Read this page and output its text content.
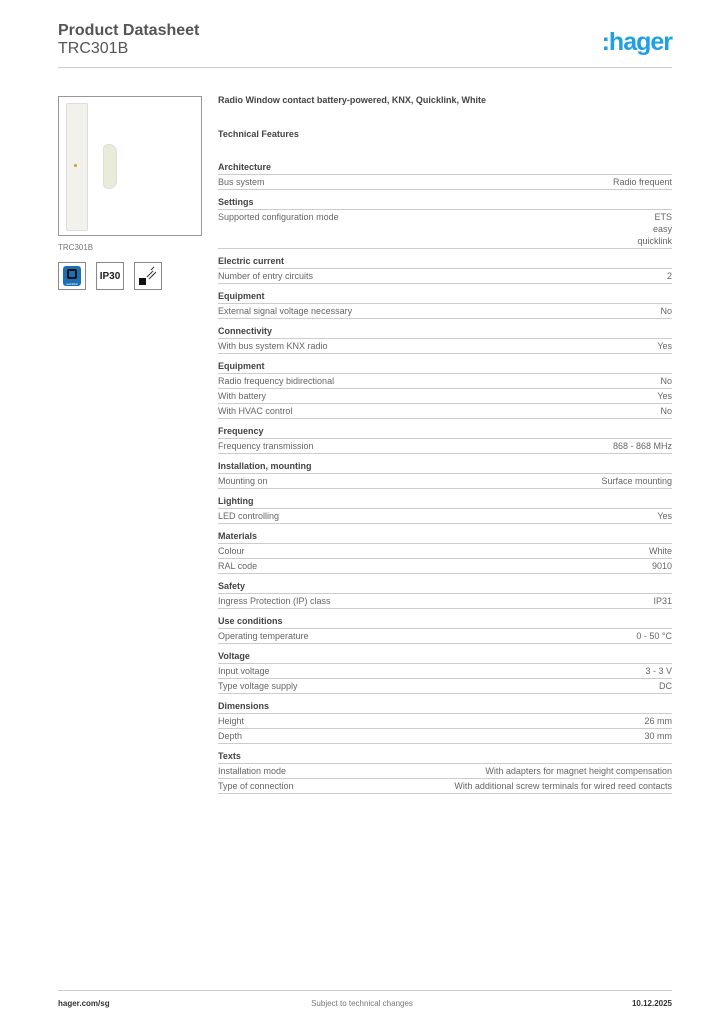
Product Datasheet
TRC301B	:hager
TRC301B
quicklink
IP30
Radio Window contact battery-powered, KNX, Quicklink, White
Technical Features
Architecture
Bus system	Radio frequent
Settings
Supported configuration mode	ETS
easy
quicklink
Electric current
Number of entry circuits	2
Equipment
External signal voltage necessary	No
Connectivity
With bus system KNX radio	Yes
Equipment
Radio frequency bidirectional	No
With battery	Yes
With HVAC control	No
Frequency
Frequency transmission	868 - 868 MHz
Installation, mounting
Mounting on	Surface mounting
Lighting
LED controlling	Yes
Materials
Colour	White
RAL code	9010
Safety
Ingress Protection (IP) class	IP31
Use conditions
Operating temperature	0 - 50 °C
Voltage
Input voltage	3 - 3 V
Type voltage supply	DC
Dimensions
Height	26 mm
Depth	30 mm
Texts
Installation mode	With adapters for magnet height compensation
Type of connection	With additional screw terminals for wired reed contacts
hager.com/sg	Subject to technical changes	10.12.2025
